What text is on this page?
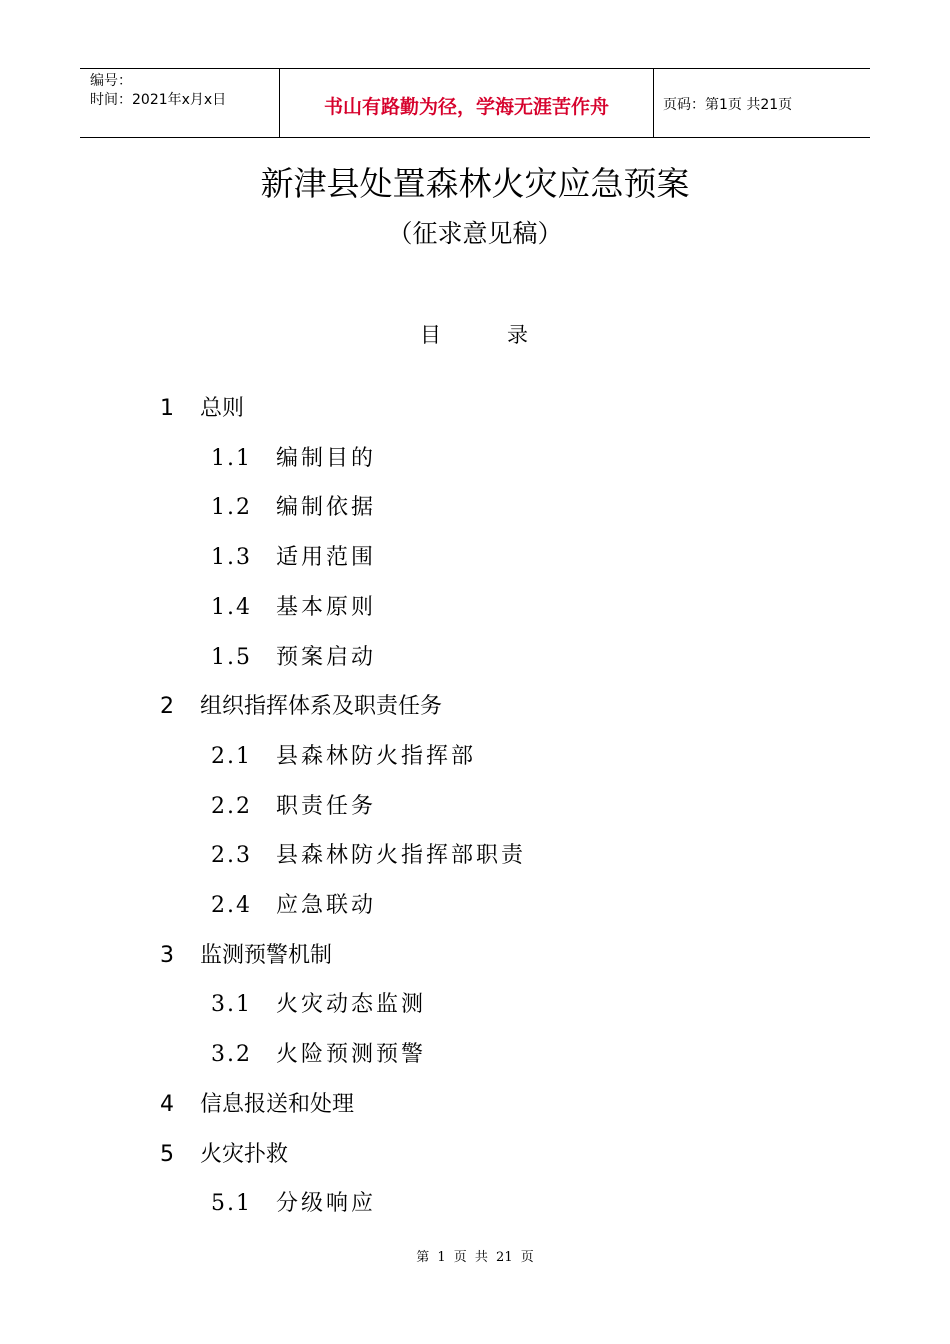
编号：
时间：2021年x月x日	书山有路勤为径，学海无涯苦作舟	页码：第1页 共21页
新津县处置森林火灾应急预案
（征求意见稿）
目录
1 总则
1.1 编制目的
1.2 编制依据
1.3 适用范围
1.4 基本原则
1.5 预案启动
2 组织指挥体系及职责任务
2.1 县森林防火指挥部
2.2 职责任务
2.3 县森林防火指挥部职责
2.4 应急联动
3 监测预警机制
3.1 火灾动态监测
3.2 火险预测预警
4 信息报送和处理
5 火灾扑救
5.1 分级响应
第 1 页 共 21 页
